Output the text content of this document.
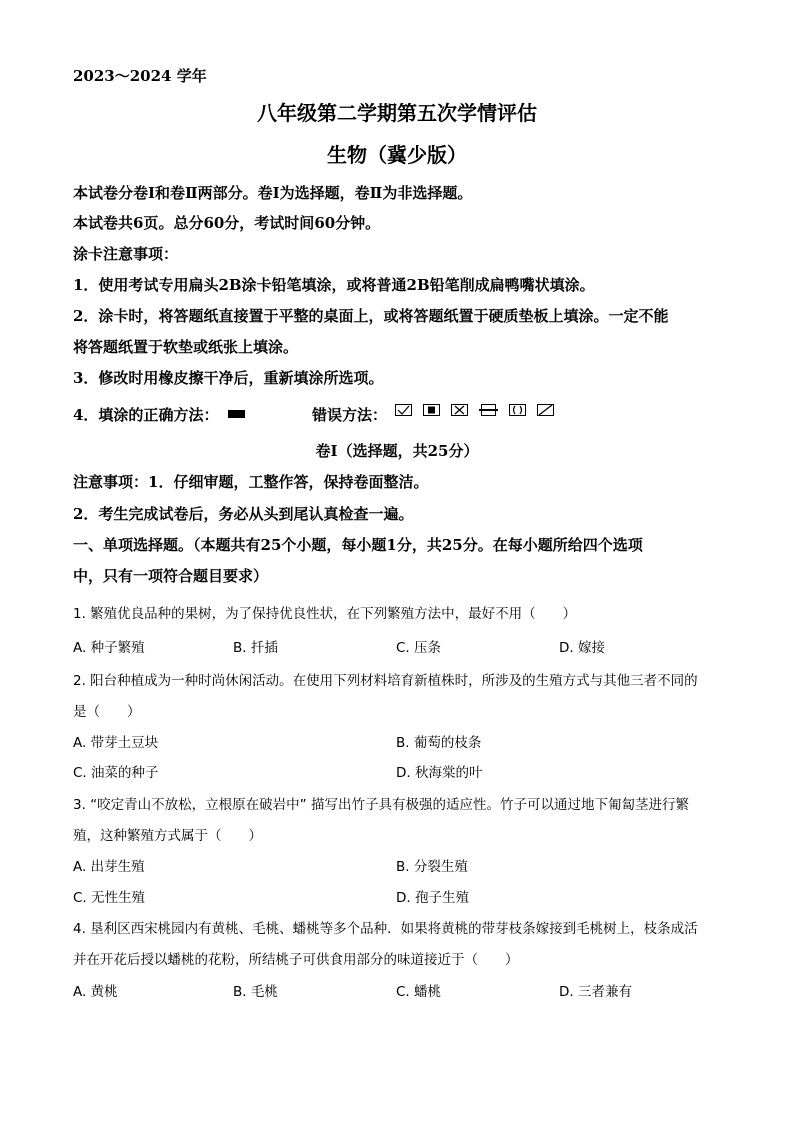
2023～2024 学年
八年级第二学期第五次学情评估
生物（冀少版）
本试卷分卷Ⅰ和卷Ⅱ两部分。卷Ⅰ为选择题，卷Ⅱ为非选择题。
本试卷共6页。总分60分，考试时间60分钟。
涂卡注意事项：
1．使用考试专用扁头2B涂卡铅笔填涂，或将普通2B铅笔削成扁鸭嘴状填涂。
2．涂卡时，将答题纸直接置于平整的桌面上，或将答题纸置于硬质垫板上填涂。一定不能
将答题纸置于软垫或纸张上填涂。
3．修改时用橡皮擦干净后，重新填涂所选项。
4．填涂的正确方法：	错误方法：
卷Ⅰ（选择题，共25分）
注意事项：1．仔细审题，工整作答，保持卷面整洁。
2．考生完成试卷后，务必从头到尾认真检查一遍。
一、单项选择题。（本题共有25个小题，每小题1分，共25分。在每小题所给四个选项
中，只有一项符合题目要求）
1. 繁殖优良品种的果树，为了保持优良性状，在下列繁殖方法中，最好不用（　　）
A. 种子繁殖	B. 扦插	C. 压条	D. 嫁接
2. 阳台种植成为一种时尚休闲活动。在使用下列材料培育新植株时，所涉及的生殖方式与其他三者不同的
是（　　）
A. 带芽土豆块	B. 葡萄的枝条
C. 油菜的种子	D. 秋海棠的叶
3. “咬定青山不放松，立根原在破岩中” 描写出竹子具有极强的适应性。竹子可以通过地下匍匐茎进行繁
殖，这种繁殖方式属于（　　）
A. 出芽生殖	B. 分裂生殖
C. 无性生殖	D. 孢子生殖
4. 垦利区西宋桃园内有黄桃、毛桃、蟠桃等多个品种．如果将黄桃的带芽枝条嫁接到毛桃树上，枝条成活
并在开花后授以蟠桃的花粉，所结桃子可供食用部分的味道接近于（　　）
A. 黄桃	B. 毛桃	C. 蟠桃	D. 三者兼有
